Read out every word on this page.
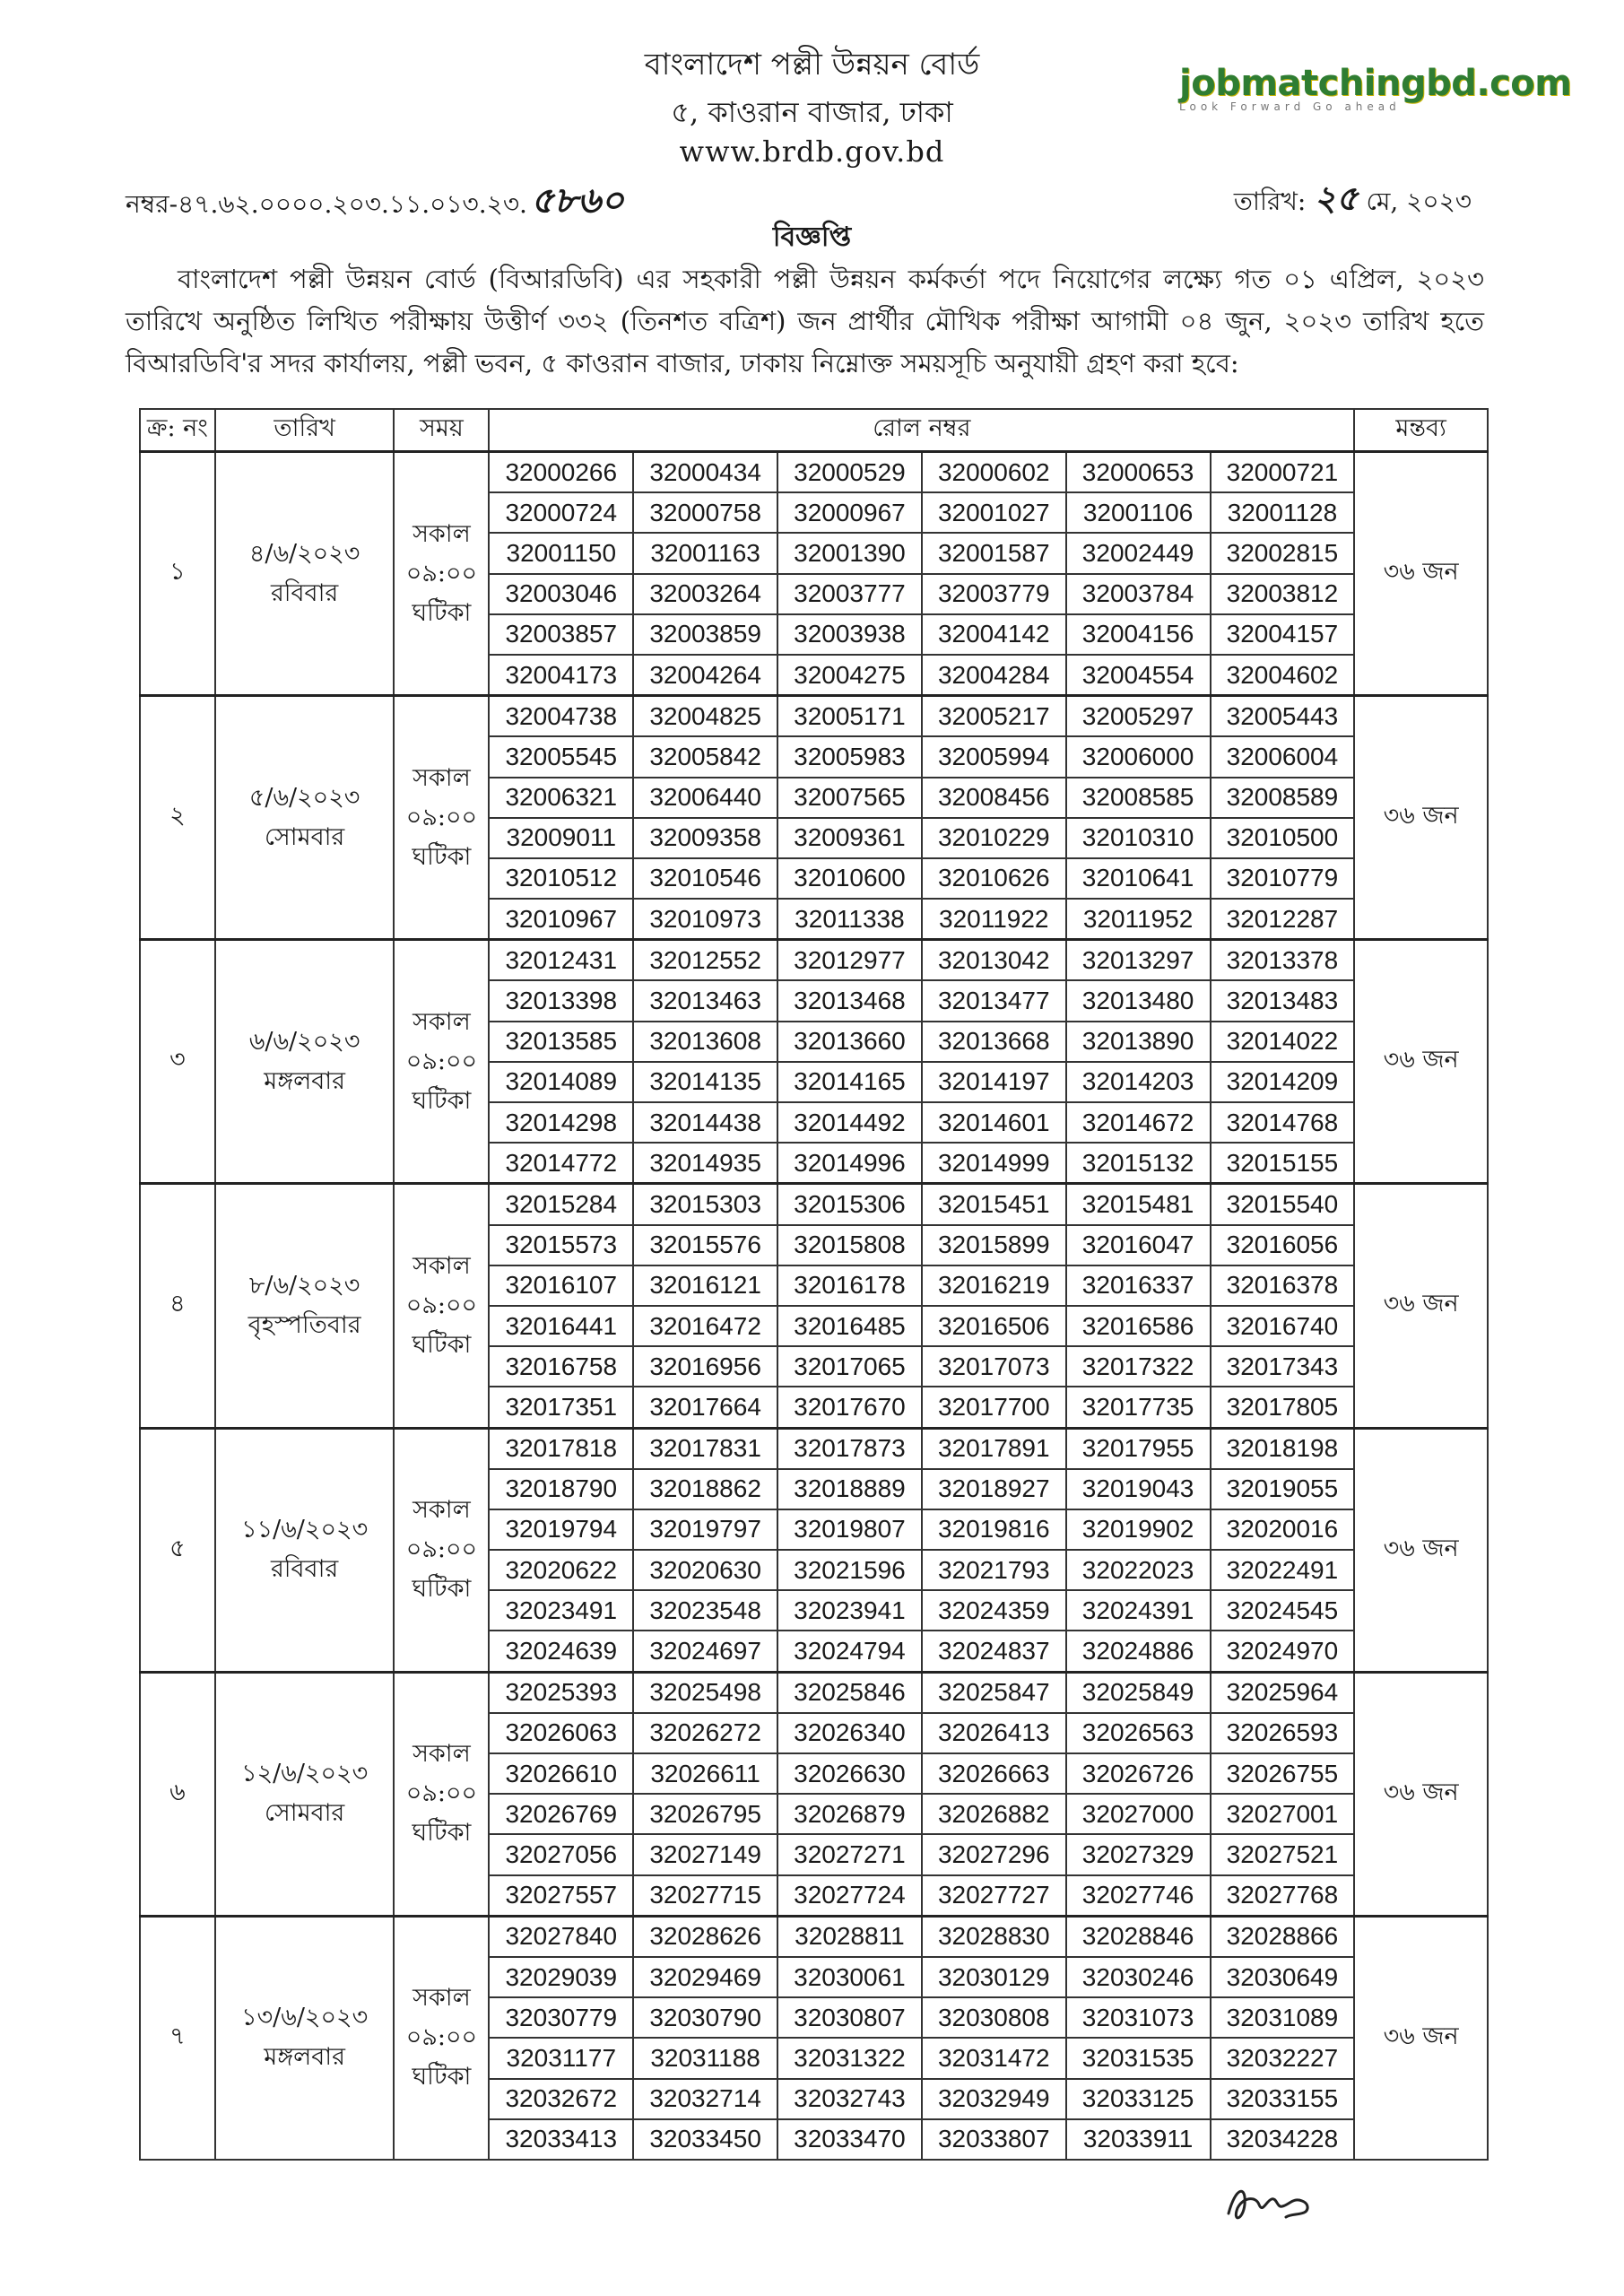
বাংলাদেশ পল্লী উন্নয়ন বোর্ড
৫, কাওরান বাজার, ঢাকা
www.brdb.gov.bd
jobmatchingbd.com
Look Forward Go ahead
নম্বর-৪৭.৬২.০০০০.২০৩.১১.০১৩.২৩. ৫৮৬০	তারিখ: ২৫ মে, ২০২৩
বিজ্ঞপ্তি
বাংলাদেশ পল্লী উন্নয়ন বোর্ড (বিআরডিবি) এর সহকারী পল্লী উন্নয়ন কর্মকর্তা পদে নিয়োগের লক্ষ্যে গত ০১ এপ্রিল, ২০২৩ তারিখে অনুষ্ঠিত লিখিত পরীক্ষায় উত্তীর্ণ ৩৩২ (তিনশত বত্রিশ) জন প্রার্থীর মৌখিক পরীক্ষা আগামী ০৪ জুন, ২০২৩ তারিখ হতে বিআরডিবি'র সদর কার্যালয়, পল্লী ভবন, ৫ কাওরান বাজার, ঢাকায় নিম্নোক্ত সময়সূচি অনুযায়ী গ্রহণ করা হবে:
ক্র: নং	তারিখ	সময়	রোল নম্বর						মন্তব্য
১	৪/৬/২০২৩
রবিবার	সকাল
০৯:০০
ঘটিকা	32000266	32000434	32000529	32000602	32000653	32000721	৩৬ জন
			32000724	32000758	32000967	32001027	32001106	32001128	
			32001150	32001163	32001390	32001587	32002449	32002815	
			32003046	32003264	32003777	32003779	32003784	32003812	
			32003857	32003859	32003938	32004142	32004156	32004157	
			32004173	32004264	32004275	32004284	32004554	32004602	
২	৫/৬/২০২৩
সোমবার	সকাল
০৯:০০
ঘটিকা	32004738	32004825	32005171	32005217	32005297	32005443	৩৬ জন
			32005545	32005842	32005983	32005994	32006000	32006004	
			32006321	32006440	32007565	32008456	32008585	32008589	
			32009011	32009358	32009361	32010229	32010310	32010500	
			32010512	32010546	32010600	32010626	32010641	32010779	
			32010967	32010973	32011338	32011922	32011952	32012287	
৩	৬/৬/২০২৩
মঙ্গলবার	সকাল
০৯:০০
ঘটিকা	32012431	32012552	32012977	32013042	32013297	32013378	৩৬ জন
			32013398	32013463	32013468	32013477	32013480	32013483	
			32013585	32013608	32013660	32013668	32013890	32014022	
			32014089	32014135	32014165	32014197	32014203	32014209	
			32014298	32014438	32014492	32014601	32014672	32014768	
			32014772	32014935	32014996	32014999	32015132	32015155	
৪	৮/৬/২০২৩
বৃহস্পতিবার	সকাল
০৯:০০
ঘটিকা	32015284	32015303	32015306	32015451	32015481	32015540	৩৬ জন
			32015573	32015576	32015808	32015899	32016047	32016056	
			32016107	32016121	32016178	32016219	32016337	32016378	
			32016441	32016472	32016485	32016506	32016586	32016740	
			32016758	32016956	32017065	32017073	32017322	32017343	
			32017351	32017664	32017670	32017700	32017735	32017805	
৫	১১/৬/২০২৩
রবিবার	সকাল
০৯:০০
ঘটিকা	32017818	32017831	32017873	32017891	32017955	32018198	৩৬ জন
			32018790	32018862	32018889	32018927	32019043	32019055	
			32019794	32019797	32019807	32019816	32019902	32020016	
			32020622	32020630	32021596	32021793	32022023	32022491	
			32023491	32023548	32023941	32024359	32024391	32024545	
			32024639	32024697	32024794	32024837	32024886	32024970	
৬	১২/৬/২০২৩
সোমবার	সকাল
০৯:০০
ঘটিকা	32025393	32025498	32025846	32025847	32025849	32025964	৩৬ জন
			32026063	32026272	32026340	32026413	32026563	32026593	
			32026610	32026611	32026630	32026663	32026726	32026755	
			32026769	32026795	32026879	32026882	32027000	32027001	
			32027056	32027149	32027271	32027296	32027329	32027521	
			32027557	32027715	32027724	32027727	32027746	32027768	
৭	১৩/৬/২০২৩
মঙ্গলবার	সকাল
০৯:০০
ঘটিকা	32027840	32028626	32028811	32028830	32028846	32028866	৩৬ জন
			32029039	32029469	32030061	32030129	32030246	32030649	
			32030779	32030790	32030807	32030808	32031073	32031089	
			32031177	32031188	32031322	32031472	32031535	32032227	
			32032672	32032714	32032743	32032949	32033125	32033155	
			32033413	32033450	32033470	32033807	32033911	32034228	
